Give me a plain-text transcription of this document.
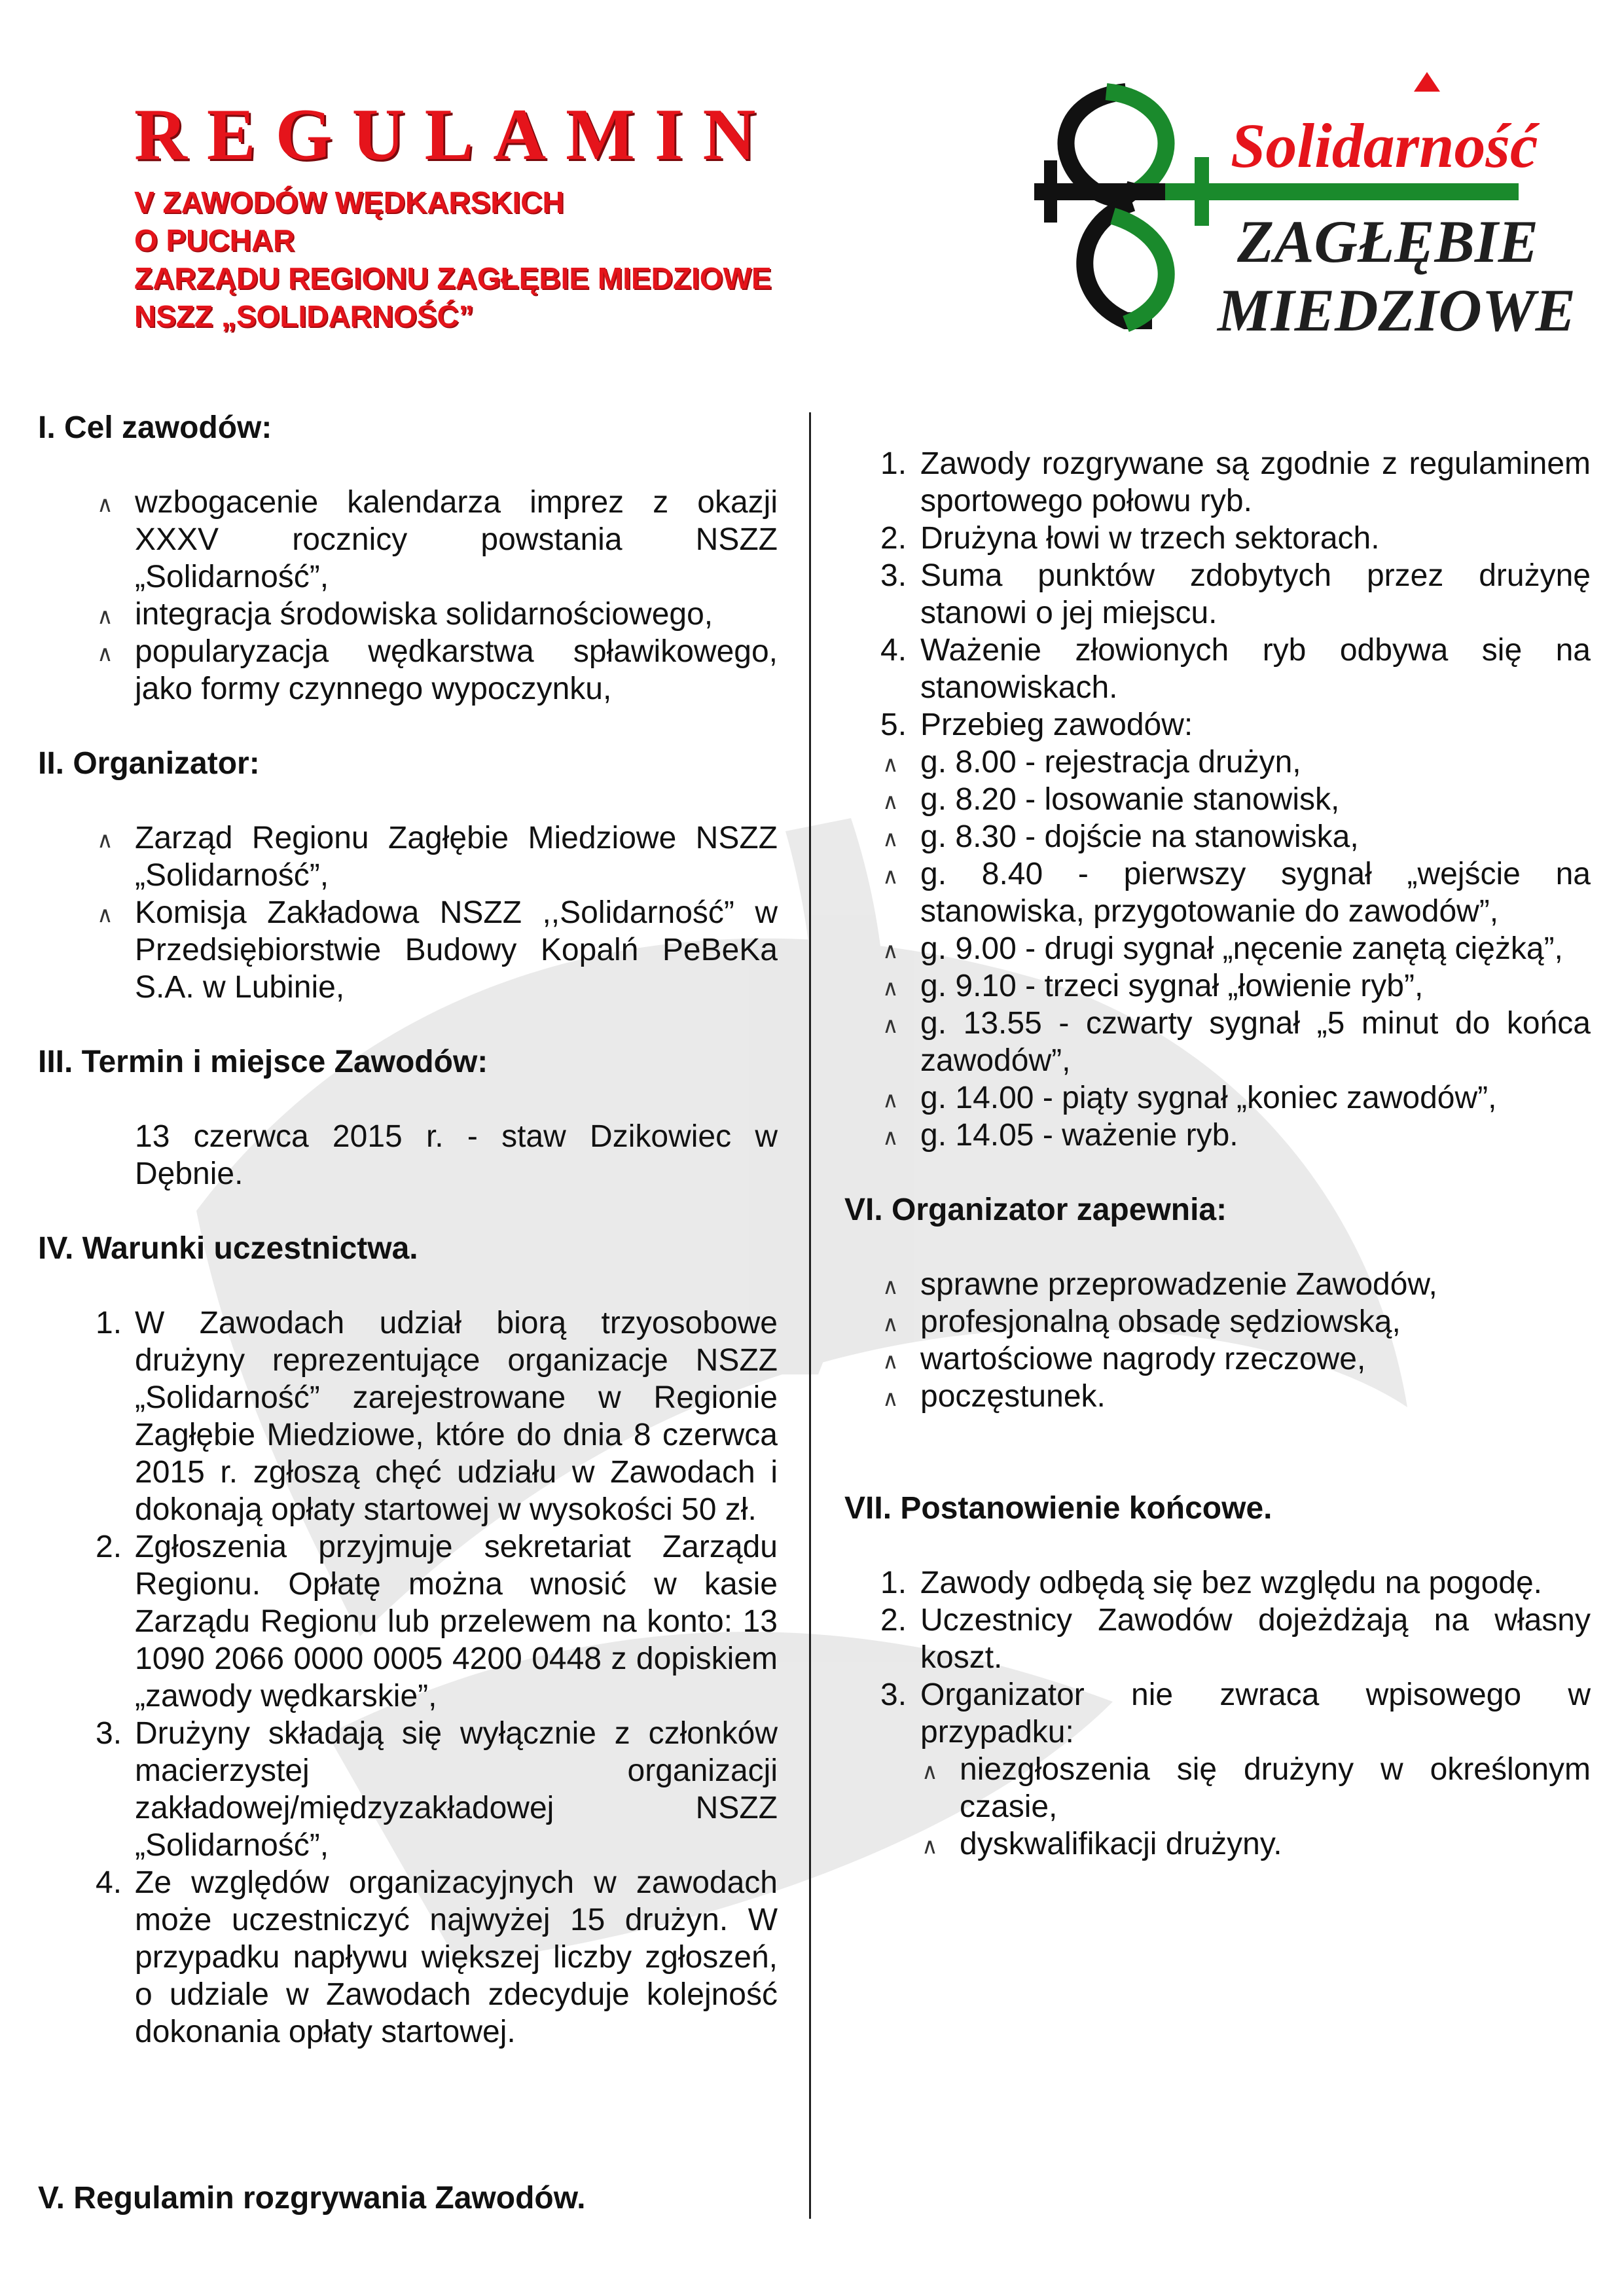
REGULAMIN
V ZAWODÓW WĘDKARSKICH
O PUCHAR
ZARZĄDU REGIONU ZAGŁĘBIE MIEDZIOWE
NSZZ „SOLIDARNOŚĆ”
Solidarność
ZAGŁĘBIE
MIEDZIOWE
I. Cel zawodów:
∧ wzbogacenie kalendarza imprez z okazji XXXV rocznicy powstania NSZZ „Solidarność”,
∧ integracja środowiska solidarnościowego,
∧ popularyzacja wędkarstwa spławikowego, jako formy czynnego wypoczynku,
II. Organizator:
∧ Zarząd Regionu Zagłębie Miedziowe NSZZ „Solidarność”,
∧ Komisja Zakładowa NSZZ ,,Solidarność” w Przedsiębiorstwie Budowy Kopalń PeBeKa S.A. w Lubinie,
III. Termin i miejsce Zawodów:
13 czerwca 2015 r. - staw Dzikowiec w Dębnie.
IV. Warunki uczestnictwa.
1. W Zawodach udział biorą trzyosobowe drużyny reprezentujące organizacje NSZZ „Solidarność” zarejestrowane w Regionie Zagłębie Miedziowe, które do dnia 8 czerwca 2015 r. zgłoszą chęć udziału w Zawodach i dokonają opłaty startowej w wysokości 50 zł.
2. Zgłoszenia przyjmuje sekretariat Zarządu Regionu. Opłatę można wnosić w kasie Zarządu Regionu lub przelewem na konto: 13 1090 2066 0000 0005 4200 0448 z dopiskiem „zawody wędkarskie”,
3. Drużyny składają się wyłącznie z członków macierzystej organizacji zakładowej/międzyzakładowej NSZZ „Solidarność”,
4. Ze względów organizacyjnych w zawodach może uczestniczyć najwyżej 15 drużyn. W przypadku napływu większej liczby zgłoszeń, o udziale w Zawodach zdecyduje kolejność dokonania opłaty startowej.
V. Regulamin rozgrywania Zawodów.
1. Zawody rozgrywane są zgodnie z regulaminem sportowego połowu ryb.
2. Drużyna łowi w trzech sektorach.
3. Suma punktów zdobytych przez drużynę stanowi o jej miejscu.
4. Ważenie złowionych ryb odbywa się na stanowiskach.
5. Przebieg zawodów:
∧ g. 8.00 - rejestracja drużyn,
∧ g. 8.20 - losowanie stanowisk,
∧ g. 8.30 - dojście na stanowiska,
∧ g. 8.40 - pierwszy sygnał „wejście na stanowiska, przygotowanie do zawodów”,
∧ g. 9.00 - drugi sygnał „nęcenie zanętą ciężką”,
∧ g. 9.10 - trzeci sygnał „łowienie ryb”,
∧ g. 13.55 - czwarty sygnał „5 minut do końca zawodów”,
∧ g. 14.00 - piąty sygnał „koniec zawodów”,
∧ g. 14.05 - ważenie ryb.
VI. Organizator zapewnia:
∧ sprawne przeprowadzenie Zawodów,
∧ profesjonalną obsadę sędziowską,
∧ wartościowe nagrody rzeczowe,
∧ poczęstunek.
VII. Postanowienie końcowe.
1. Zawody odbędą się bez względu na pogodę.
2. Uczestnicy Zawodów dojeżdżają na własny koszt.
3. Organizator nie zwraca wpisowego w przypadku:
∧ niezgłoszenia się drużyny w określonym czasie,
∧ dyskwalifikacji drużyny.
